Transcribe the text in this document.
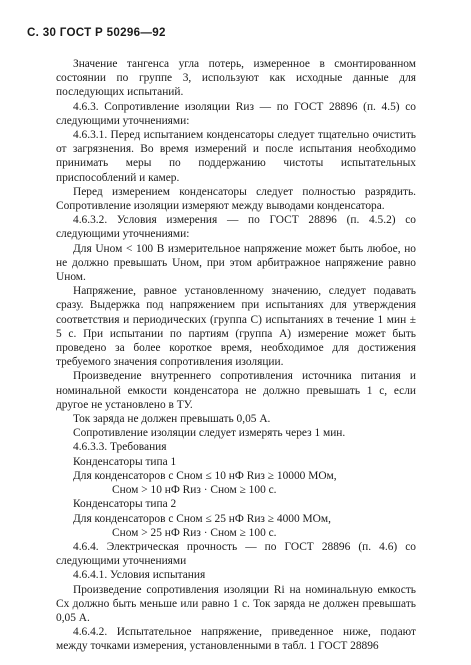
С. 30 ГОСТ Р 50296—92

Значение тангенса угла потерь, измеренное в смонтированном состоянии по группе 3, используют как исходные данные для последующих испытаний.

4.6.3. Сопротивление изоляции Rиз — по ГОСТ 28896 (п. 4.5) со следующими уточнениями:

4.6.3.1. Перед испытанием конденсаторы следует тщательно очистить от загрязнения. Во время измерений и после испытания необходимо принимать меры по поддержанию чистоты испытательных приспособлений и камер.

Перед измерением конденсаторы следует полностью разрядить. Сопротивление изоляции измеряют между выводами конденсатора.

4.6.3.2. Условия измерения — по ГОСТ 28896 (п. 4.5.2) со следующими уточнениями:

Для Uном < 100 В измерительное напряжение может быть любое, но не должно превышать Uном, при этом арбитражное напряжение равно Uном.

Напряжение, равное установленному значению, следует подавать сразу. Выдержка под напряжением при испытаниях для утверждения соответствия и периодических (группа С) испытаниях в течение 1 мин ± 5 с. При испытании по партиям (группа А) измерение может быть проведено за более короткое время, необходимое для достижения требуемого значения сопротивления изоляции.

Произведение внутреннего сопротивления источника питания и номинальной емкости конденсатора не должно превышать 1 с, если другое не установлено в ТУ.

Ток заряда не должен превышать 0,05 А.

Сопротивление изоляции следует измерять через 1 мин.

4.6.3.3. Требования

Конденсаторы типа 1

Для конденсаторов с Сном ≤ 10 нФ Rиз ≥ 10000 МОм,

Сном > 10 нФ Rиз · Сном ≥ 100 с.

Конденсаторы типа 2

Для конденсаторов с Сном ≤ 25 нФ Rиз ≥ 4000 МОм,

Сном > 25 нФ Rиз · Сном ≥ 100 с.

4.6.4. Электрическая прочность — по ГОСТ 28896 (п. 4.6) со следующими уточнениями

4.6.4.1. Условия испытания

Произведение сопротивления изоляции Ri на номинальную емкость Сх должно быть меньше или равно 1 с. Ток заряда не должен превышать 0,05 А.

4.6.4.2. Испытательное напряжение, приведенное ниже, подают между точками измерения, установленными в табл. 1 ГОСТ 28896
